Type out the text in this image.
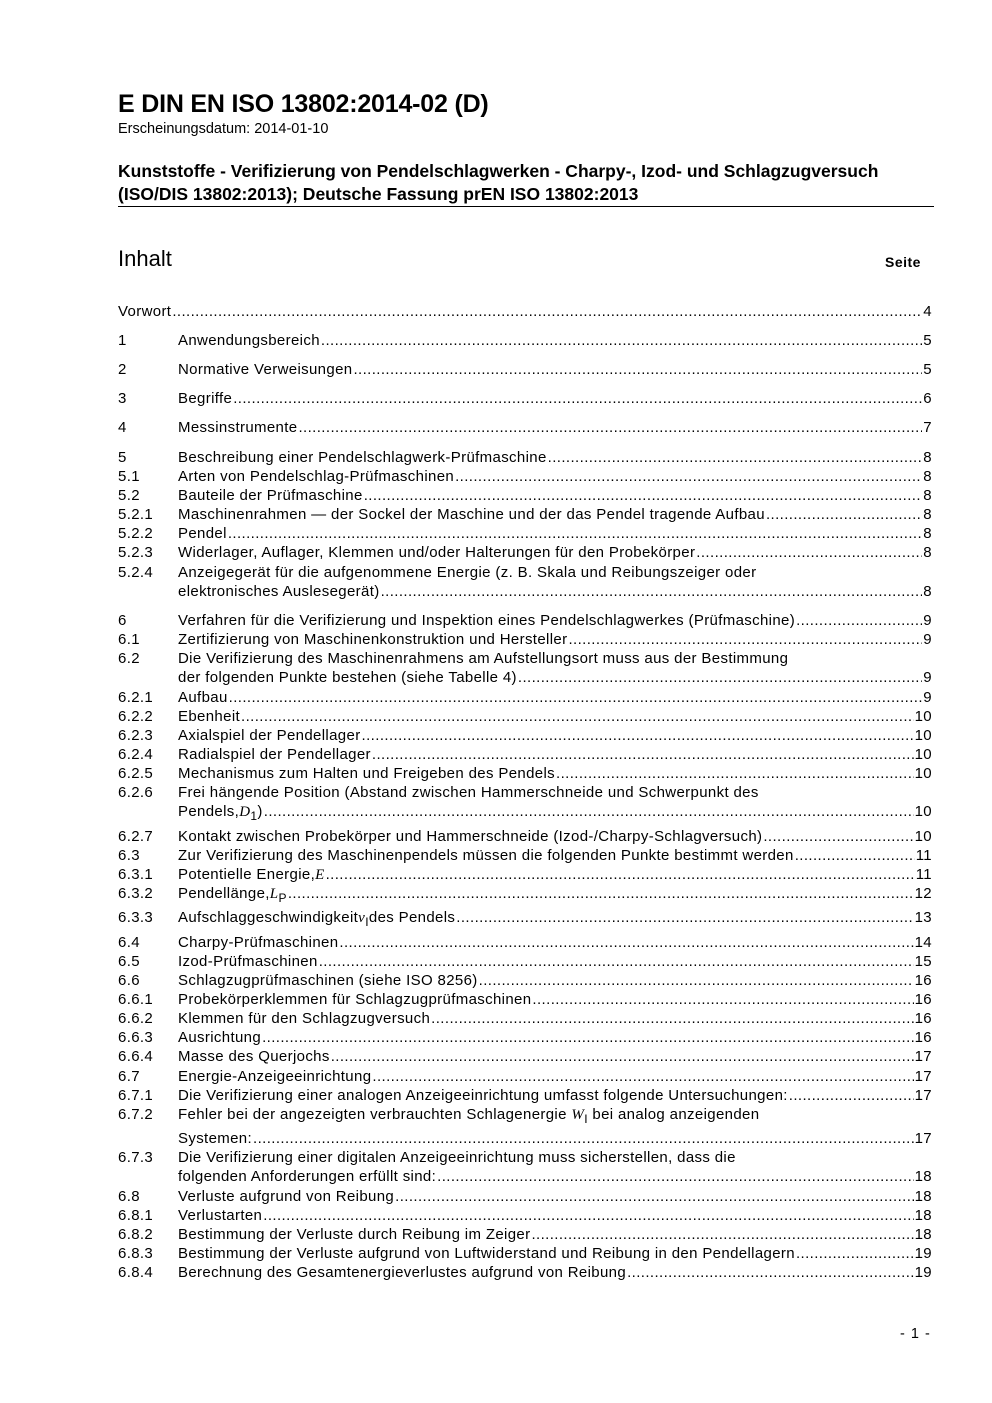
E DIN EN ISO 13802:2014-02 (D)
Erscheinungsdatum: 2014-01-10
Kunststoffe - Verifizierung von Pendelschlagwerken - Charpy-, Izod- und Schlagzugversuch (ISO/DIS 13802:2013); Deutsche Fassung prEN ISO 13802:2013
Inhalt	Seite
Vorwort .....	4
1	Anwendungsbereich .....	5
2	Normative Verweisungen .....	5
3	Begriffe .....	6
4	Messinstrumente .....	7
5	Beschreibung einer Pendelschlagwerk-Prüfmaschine .....	8
5.1	Arten von Pendelschlag-Prüfmaschinen .....	8
5.2	Bauteile der Prüfmaschine .....	8
5.2.1 Maschinenrahmen — der Sockel der Maschine und der das Pendel tragende Aufbau .....	8
5.2.2 Pendel .....	8
5.2.3 Widerlager, Auflager, Klemmen und/oder Halterungen für den Probekörper .....	8
5.2.4 Anzeigegerät für die aufgenommene Energie (z. B. Skala und Reibungszeiger oder
elektronisches Auslesegerät) .....	8
6	Verfahren für die Verifizierung und Inspektion eines Pendelschlagwerkes (Prüfmaschine) .....	9
6.1	Zertifizierung von Maschinenkonstruktion und Hersteller .....	9
6.2	Die Verifizierung des Maschinenrahmens am Aufstellungsort muss aus der Bestimmung
der folgenden Punkte bestehen (siehe Tabelle 4) .....	9
6.2.1 Aufbau .....	9
6.2.2 Ebenheit .....	10
6.2.3 Axialspiel der Pendellager .....	10
6.2.4 Radialspiel der Pendellager .....	10
6.2.5 Mechanismus zum Halten und Freigeben des Pendels .....	10
6.2.6 Frei hängende Position (Abstand zwischen Hammerschneide und Schwerpunkt des
Pendels, $D_1$ ) .....	10
6.2.7 Kontakt zwischen Probekörper und Hammerschneide (Izod-/Charpy-Schlagversuch) .....	10
6.3	Zur Verifizierung des Maschinenpendels müssen die folgenden Punkte bestimmt werden .....	11
6.3.1 Potentielle Energie, E .....	11
6.3.2 Pendellänge, $L_P$ .....	12
6.3.3 Aufschlaggeschwindigkeit $v_I$ des Pendels .....	13
6.4	Charpy-Prüfmaschinen .....	14
6.5	Izod-Prüfmaschinen .....	15
6.6	Schlagzugprüfmaschinen (siehe ISO 8256) .....	16
6.6.1 Probekörperklemmen für Schlagzugprüfmaschinen .....	16
6.6.2 Klemmen für den Schlagzugversuch .....	16
6.6.3 Ausrichtung .....	16
6.6.4 Masse des Querjochs .....	17
6.7	Energie-Anzeigeeinrichtung .....	17
6.7.1 Die Verifizierung einer analogen Anzeigeeinrichtung umfasst folgende Untersuchungen: .....	17
6.7.2 Fehler bei der angezeigten verbrauchten Schlagenergie $W_I$ bei analog anzeigenden
Systemen: .....	17
6.7.3 Die Verifizierung einer digitalen Anzeigeeinrichtung muss sicherstellen, dass die
folgenden Anforderungen erfüllt sind: .....	18
6.8	Verluste aufgrund von Reibung .....	18
6.8.1 Verlustarten .....	18
6.8.2 Bestimmung der Verluste durch Reibung im Zeiger .....	18
6.8.3 Bestimmung der Verluste aufgrund von Luftwiderstand und Reibung in den Pendellagern .....	19
6.8.4 Berechnung des Gesamtenergieverlustes aufgrund von Reibung .....	19
- 1 -
